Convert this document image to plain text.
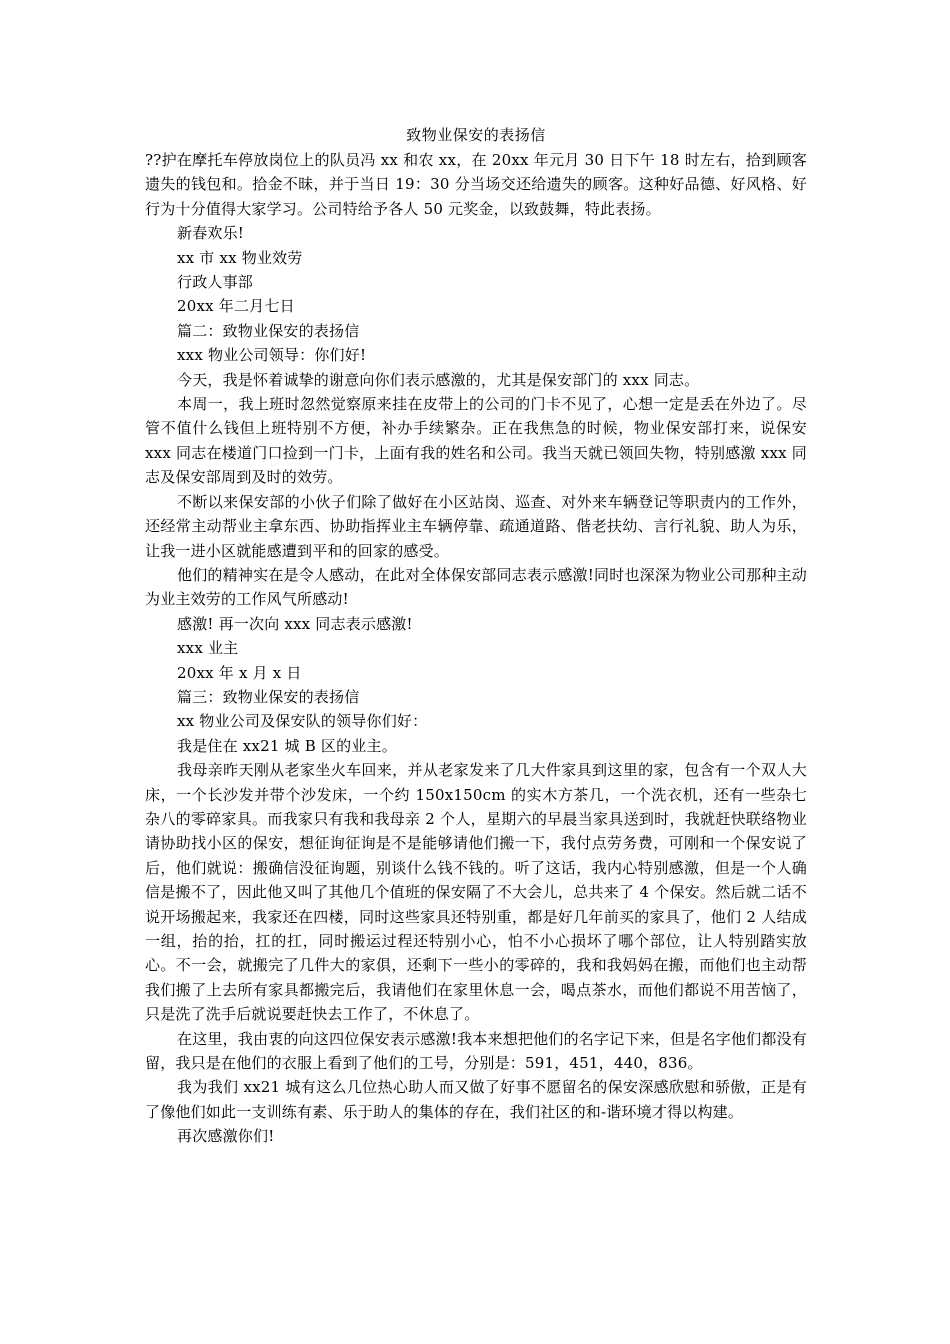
致物业保安的表扬信

??护在摩托车停放岗位上的队员冯 xx 和农 xx，在 20xx 年元月 30 日下午 18 时左右，拾到顾客遗失的钱包和。拾金不昧，并于当日 19：30 分当场交还给遗失的顾客。这种好品德、好风格、好行为十分值得大家学习。公司特给予各人 50 元奖金，以致鼓舞，特此表扬。

新春欢乐!

xx 市 xx 物业效劳

行政人事部

20xx 年二月七日

篇二：致物业保安的表扬信

xxx 物业公司领导：你们好!

今天，我是怀着诚挚的谢意向你们表示感激的，尤其是保安部门的 xxx 同志。

本周一，我上班时忽然觉察原来挂在皮带上的公司的门卡不见了，心想一定是丢在外边了。尽管不值什么钱但上班特别不方便，补办手续繁杂。正在我焦急的时候，物业保安部打来，说保安 xxx 同志在楼道门口捡到一门卡，上面有我的姓名和公司。我当天就已领回失物，特别感激 xxx 同志及保安部周到及时的效劳。

不断以来保安部的小伙子们除了做好在小区站岗、巡查、对外来车辆登记等职责内的工作外，还经常主动帮业主拿东西、协助指挥业主车辆停靠、疏通道路、偕老扶幼、言行礼貌、助人为乐，让我一进小区就能感遭到平和的回家的感受。

他们的精神实在是令人感动，在此对全体保安部同志表示感激!同时也深深为物业公司那种主动为业主效劳的工作风气所感动!

感激! 再一次向 xxx 同志表示感激!

xxx 业主

20xx 年 x 月 x 日

篇三：致物业保安的表扬信

xx 物业公司及保安队的领导你们好：

我是住在 xx21 城 B 区的业主。

我母亲昨天刚从老家坐火车回来，并从老家发来了几大件家具到这里的家，包含有一个双人大床，一个长沙发并带个沙发床，一个约 150x150cm 的实木方茶几，一个洗衣机，还有一些杂七杂八的零碎家具。而我家只有我和我母亲 2 个人，星期六的早晨当家具送到时，我就赶快联络物业请协助找小区的保安，想征询征询是不是能够请他们搬一下，我付点劳务费，可刚和一个保安说了后，他们就说：搬确信没征询题，别谈什么钱不钱的。听了这话，我内心特别感激，但是一个人确信是搬不了，因此他又叫了其他几个值班的保安隔了不大会儿，总共来了 4 个保安。然后就二话不说开场搬起来，我家还在四楼，同时这些家具还特别重，都是好几年前买的家具了，他们 2 人结成一组，抬的抬，扛的扛，同时搬运过程还特别小心，怕不小心损坏了哪个部位，让人特别踏实放心。不一会，就搬完了几件大的家俱，还剩下一些小的零碎的，我和我妈妈在搬，而他们也主动帮我们搬了上去所有家具都搬完后，我请他们在家里休息一会，喝点茶水，而他们都说不用苦恼了，只是洗了洗手后就说要赶快去工作了，不休息了。

在这里，我由衷的向这四位保安表示感激!我本来想把他们的名字记下来，但是名字他们都没有留，我只是在他们的衣服上看到了他们的工号，分别是：591，451，440，836。

我为我们 xx21 城有这么几位热心助人而又做了好事不愿留名的保安深感欣慰和骄傲，正是有了像他们如此一支训练有素、乐于助人的集体的存在，我们社区的和-谐环境才得以构建。

再次感激你们!
